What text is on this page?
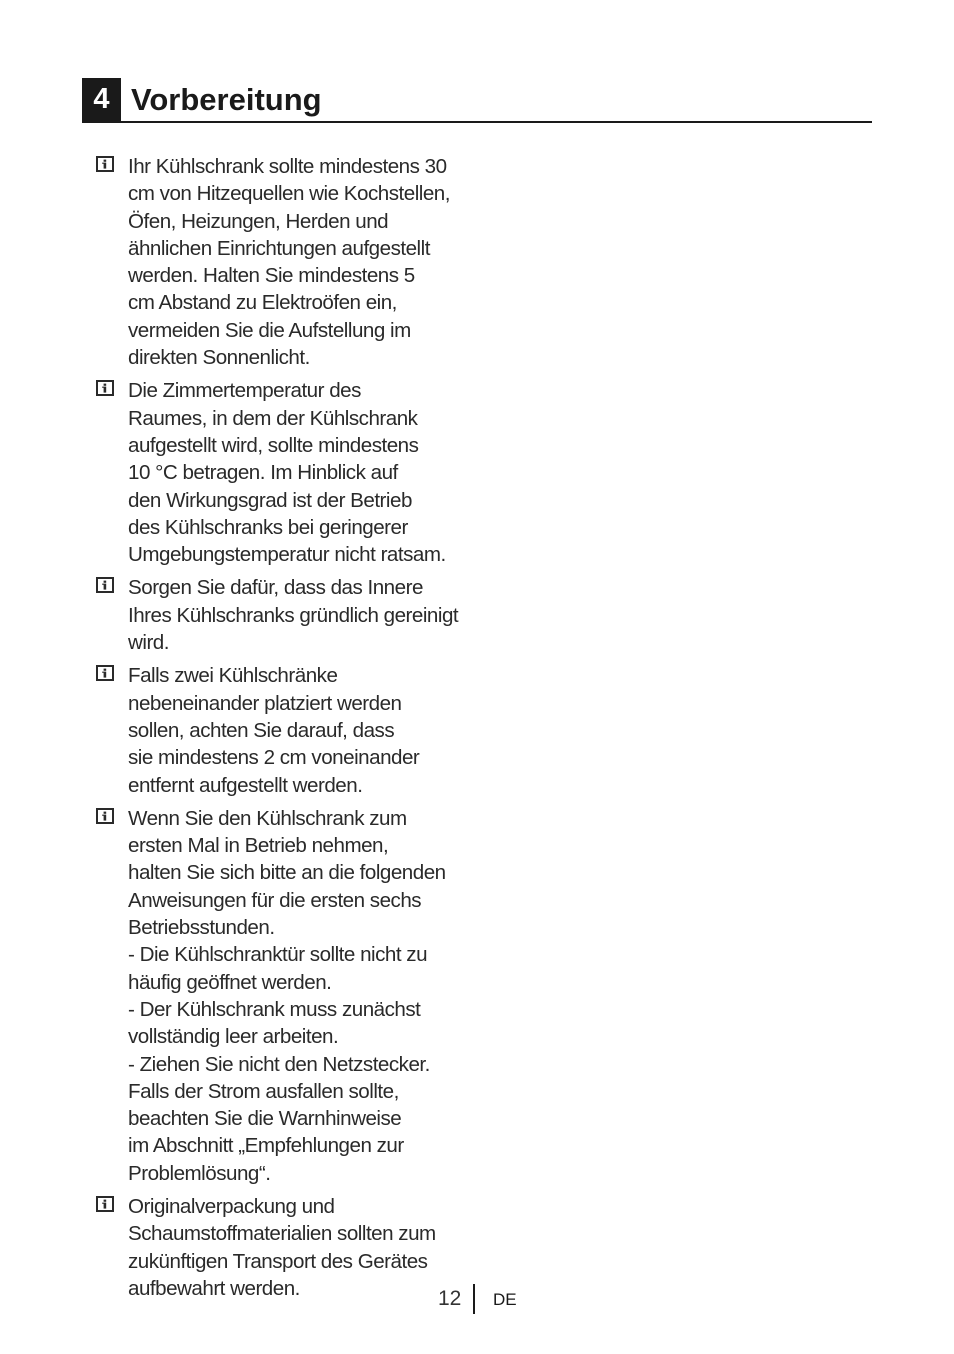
4 Vorbereitung
Ihr Kühlschrank sollte mindestens 30
cm von Hitzequellen wie Kochstellen,
Öfen, Heizungen, Herden und
ähnlichen Einrichtungen aufgestellt
werden. Halten Sie mindestens 5
cm Abstand zu Elektroöfen ein,
vermeiden Sie die Aufstellung im
direkten Sonnenlicht.
Die Zimmertemperatur des
Raumes, in dem der Kühlschrank
aufgestellt wird, sollte mindestens
10 °C betragen. Im Hinblick auf
den Wirkungsgrad ist der Betrieb
des Kühlschranks bei geringerer
Umgebungstemperatur nicht ratsam.
Sorgen Sie dafür, dass das Innere
Ihres Kühlschranks gründlich gereinigt
wird.
Falls zwei Kühlschränke
nebeneinander platziert werden
sollen, achten Sie darauf, dass
sie mindestens 2 cm voneinander
entfernt aufgestellt werden.
Wenn Sie den Kühlschrank zum
ersten Mal in Betrieb nehmen,
halten Sie sich bitte an die folgenden
Anweisungen für die ersten sechs
Betriebsstunden.
- Die Kühlschranktür sollte nicht zu
häufig geöffnet werden.
- Der Kühlschrank muss zunächst
vollständig leer arbeiten.
- Ziehen Sie nicht den Netzstecker.
Falls der Strom ausfallen sollte,
beachten Sie die Warnhinweise
im Abschnitt „Empfehlungen zur
Problemlösung“.
Originalverpackung und
Schaumstoffmaterialien sollten zum
zukünftigen Transport des Gerätes
aufbewahrt werden.	12 DE
